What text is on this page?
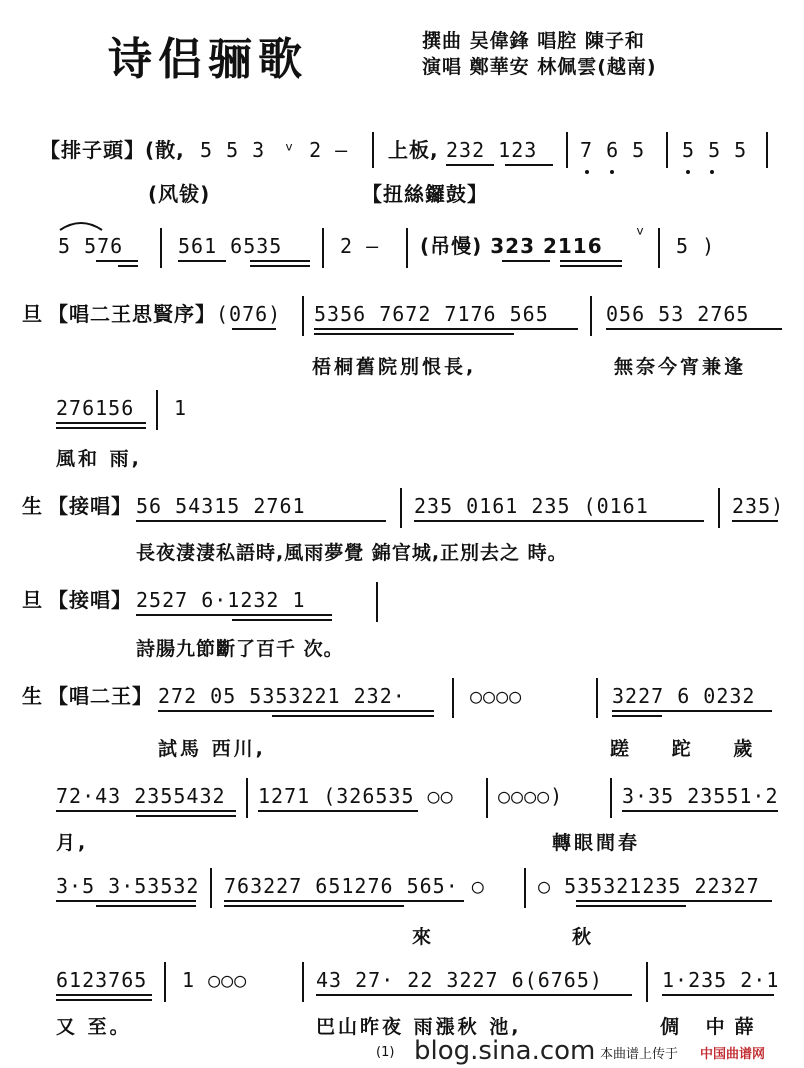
诗侣骊歌	撰曲 吴偉鋒 唱腔 陳子和
演唱 鄭華安 林佩雲(越南)
【排子頭】(散, 5 5 3 ᵛ 2 — 上板, 232 123 7 6 5 5 5 5
(风钹)	【扭絲鑼鼓】
5 576	561 6535	2 — (吊慢) 323 2116 ᵛ 5 )
旦 【唱二王思賢序】 (076) 5356 7672 7176 565	056 53 2765
梧桐舊院別恨長,	無奈今宵兼逢
276156 1
風和 雨,
生 【接唱】 56 54315 2761	235 0161 235 (0161	235)
長夜淒淒私語時,風雨夢覺 錦官城,正別去之 時。
旦 【接唱】 2527 6·1232 1
詩腸九節斷了百千 次。
生 【唱二王】 272 05 5353221 232·	○○○○	3227 6 0232
試馬 西川,	蹉 跎 歲
72·43 2355432 1271 (326535 ○○ ○○○○)	3·35 23551·2
月,	轉眼間春
3·5 3·53532 763227 651276 565· ○	○ 535321235 22327
來	秋
6123765 1 ○○○	43 27· 22 3227 6(6765)	1·235 2·1
又 至。	巴山昨夜 雨漲秋 池,	倜 中薛
(1) blog.sina.com 本曲谱上传于 中国曲谱网
